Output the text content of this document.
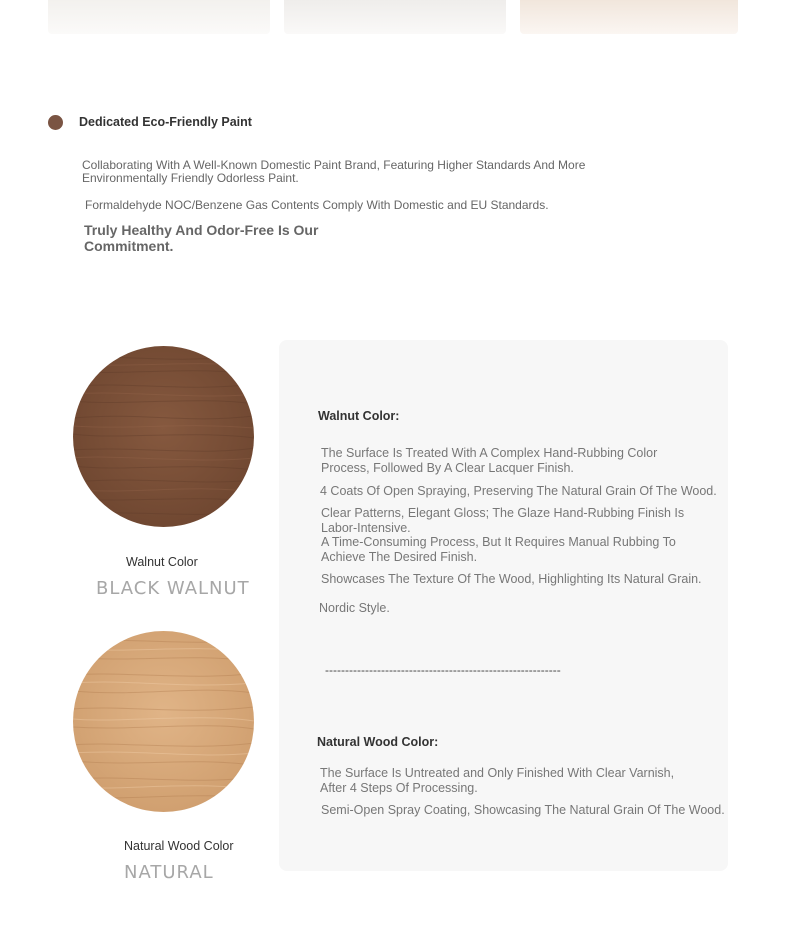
Dedicated Eco-Friendly Paint
Collaborating With A Well-Known Domestic Paint Brand, Featuring Higher Standards And More Environmentally Friendly Odorless Paint.
Formaldehyde NOC/Benzene Gas Contents Comply With Domestic and EU Standards.
Truly Healthy And Odor-Free Is Our Commitment.
Walnut Color
BLACK WALNUT
Natural Wood Color
NATURAL
Walnut Color:
The Surface Is Treated With A Complex Hand-Rubbing Color Process, Followed By A Clear Lacquer Finish.
4 Coats Of Open Spraying, Preserving The Natural Grain Of The Wood.
Clear Patterns, Elegant Gloss; The Glaze Hand-Rubbing Finish Is Labor-Intensive.
A Time-Consuming Process, But It Requires Manual Rubbing To Achieve The Desired Finish.
Showcases The Texture Of The Wood, Highlighting Its Natural Grain.
Nordic Style.
-----------------------------------------------------------
Natural Wood Color:
The Surface Is Untreated and Only Finished With Clear Varnish, After 4 Steps Of Processing.
Semi-Open Spray Coating, Showcasing The Natural Grain Of The Wood.
